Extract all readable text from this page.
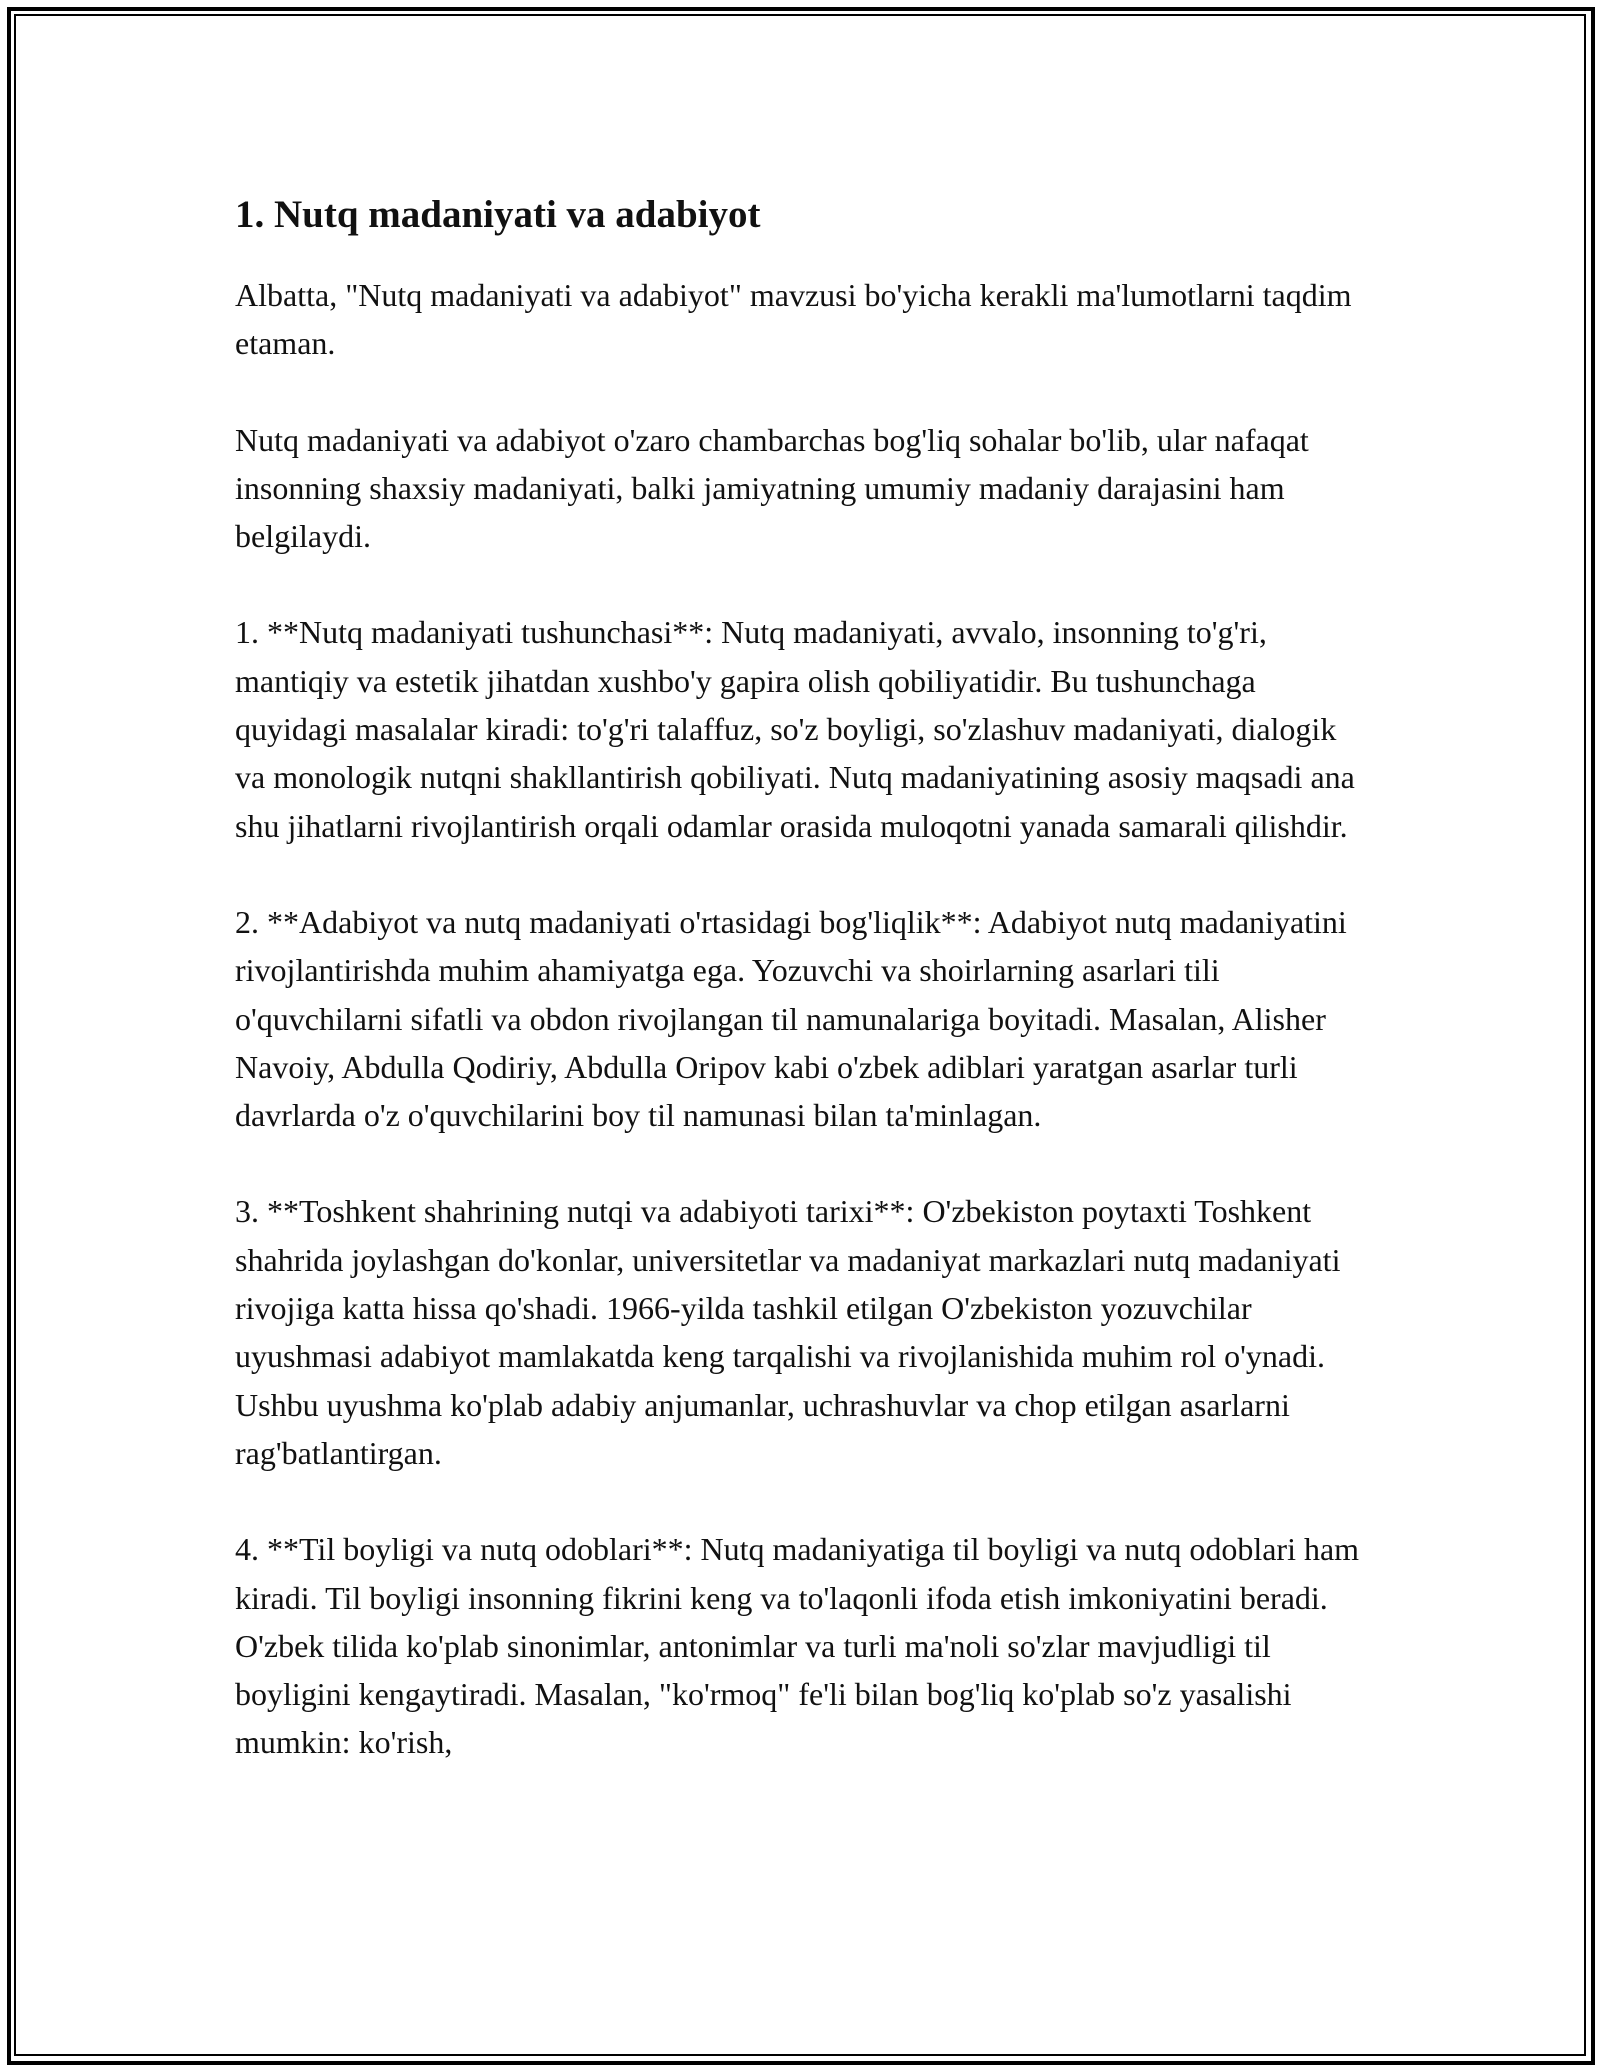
1. Nutq madaniyati va adabiyot

Albatta, "Nutq madaniyati va adabiyot" mavzusi bo'yicha kerakli ma'lumotlarni taqdim etaman.

Nutq madaniyati va adabiyot o'zaro chambarchas bog'liq sohalar bo'lib, ular nafaqat insonning shaxsiy madaniyati, balki jamiyatning umumiy madaniy darajasini ham belgilaydi.

1. **Nutq madaniyati tushunchasi**: Nutq madaniyati, avvalo, insonning to'g'ri, mantiqiy va estetik jihatdan xushbo'y gapira olish qobiliyatidir. Bu tushunchaga quyidagi masalalar kiradi: to'g'ri talaffuz, so'z boyligi, so'zlashuv madaniyati, dialogik va monologik nutqni shakllantirish qobiliyati. Nutq madaniyatining asosiy maqsadi ana shu jihatlarni rivojlantirish orqali odamlar orasida muloqotni yanada samarali qilishdir.

2. **Adabiyot va nutq madaniyati o'rtasidagi bog'liqlik**: Adabiyot nutq madaniyatini rivojlantirishda muhim ahamiyatga ega. Yozuvchi va shoirlarning asarlari tili o'quvchilarni sifatli va obdon rivojlangan til namunalariga boyitadi. Masalan, Alisher Navoiy, Abdulla Qodiriy, Abdulla Oripov kabi o'zbek adiblari yaratgan asarlar turli davrlarda o'z o'quvchilarini boy til namunasi bilan ta'minlagan.

3. **Toshkent shahrining nutqi va adabiyoti tarixi**: O'zbekiston poytaxti Toshkent shahrida joylashgan do'konlar, universitetlar va madaniyat markazlari nutq madaniyati rivojiga katta hissa qo'shadi. 1966-yilda tashkil etilgan O'zbekiston yozuvchilar uyushmasi adabiyot mamlakatda keng tarqalishi va rivojlanishida muhim rol o'ynadi. Ushbu uyushma ko'plab adabiy anjumanlar, uchrashuvlar va chop etilgan asarlarni rag'batlantirgan.

4. **Til boyligi va nutq odoblari**: Nutq madaniyatiga til boyligi va nutq odoblari ham kiradi. Til boyligi insonning fikrini keng va to'laqonli ifoda etish imkoniyatini beradi. O'zbek tilida ko'plab sinonimlar, antonimlar va turli ma'noli so'zlar mavjudligi til boyligini kengaytiradi. Masalan, "ko'rmoq" fe'li bilan bog'liq ko'plab so'z yasalishi mumkin: ko'rish,
